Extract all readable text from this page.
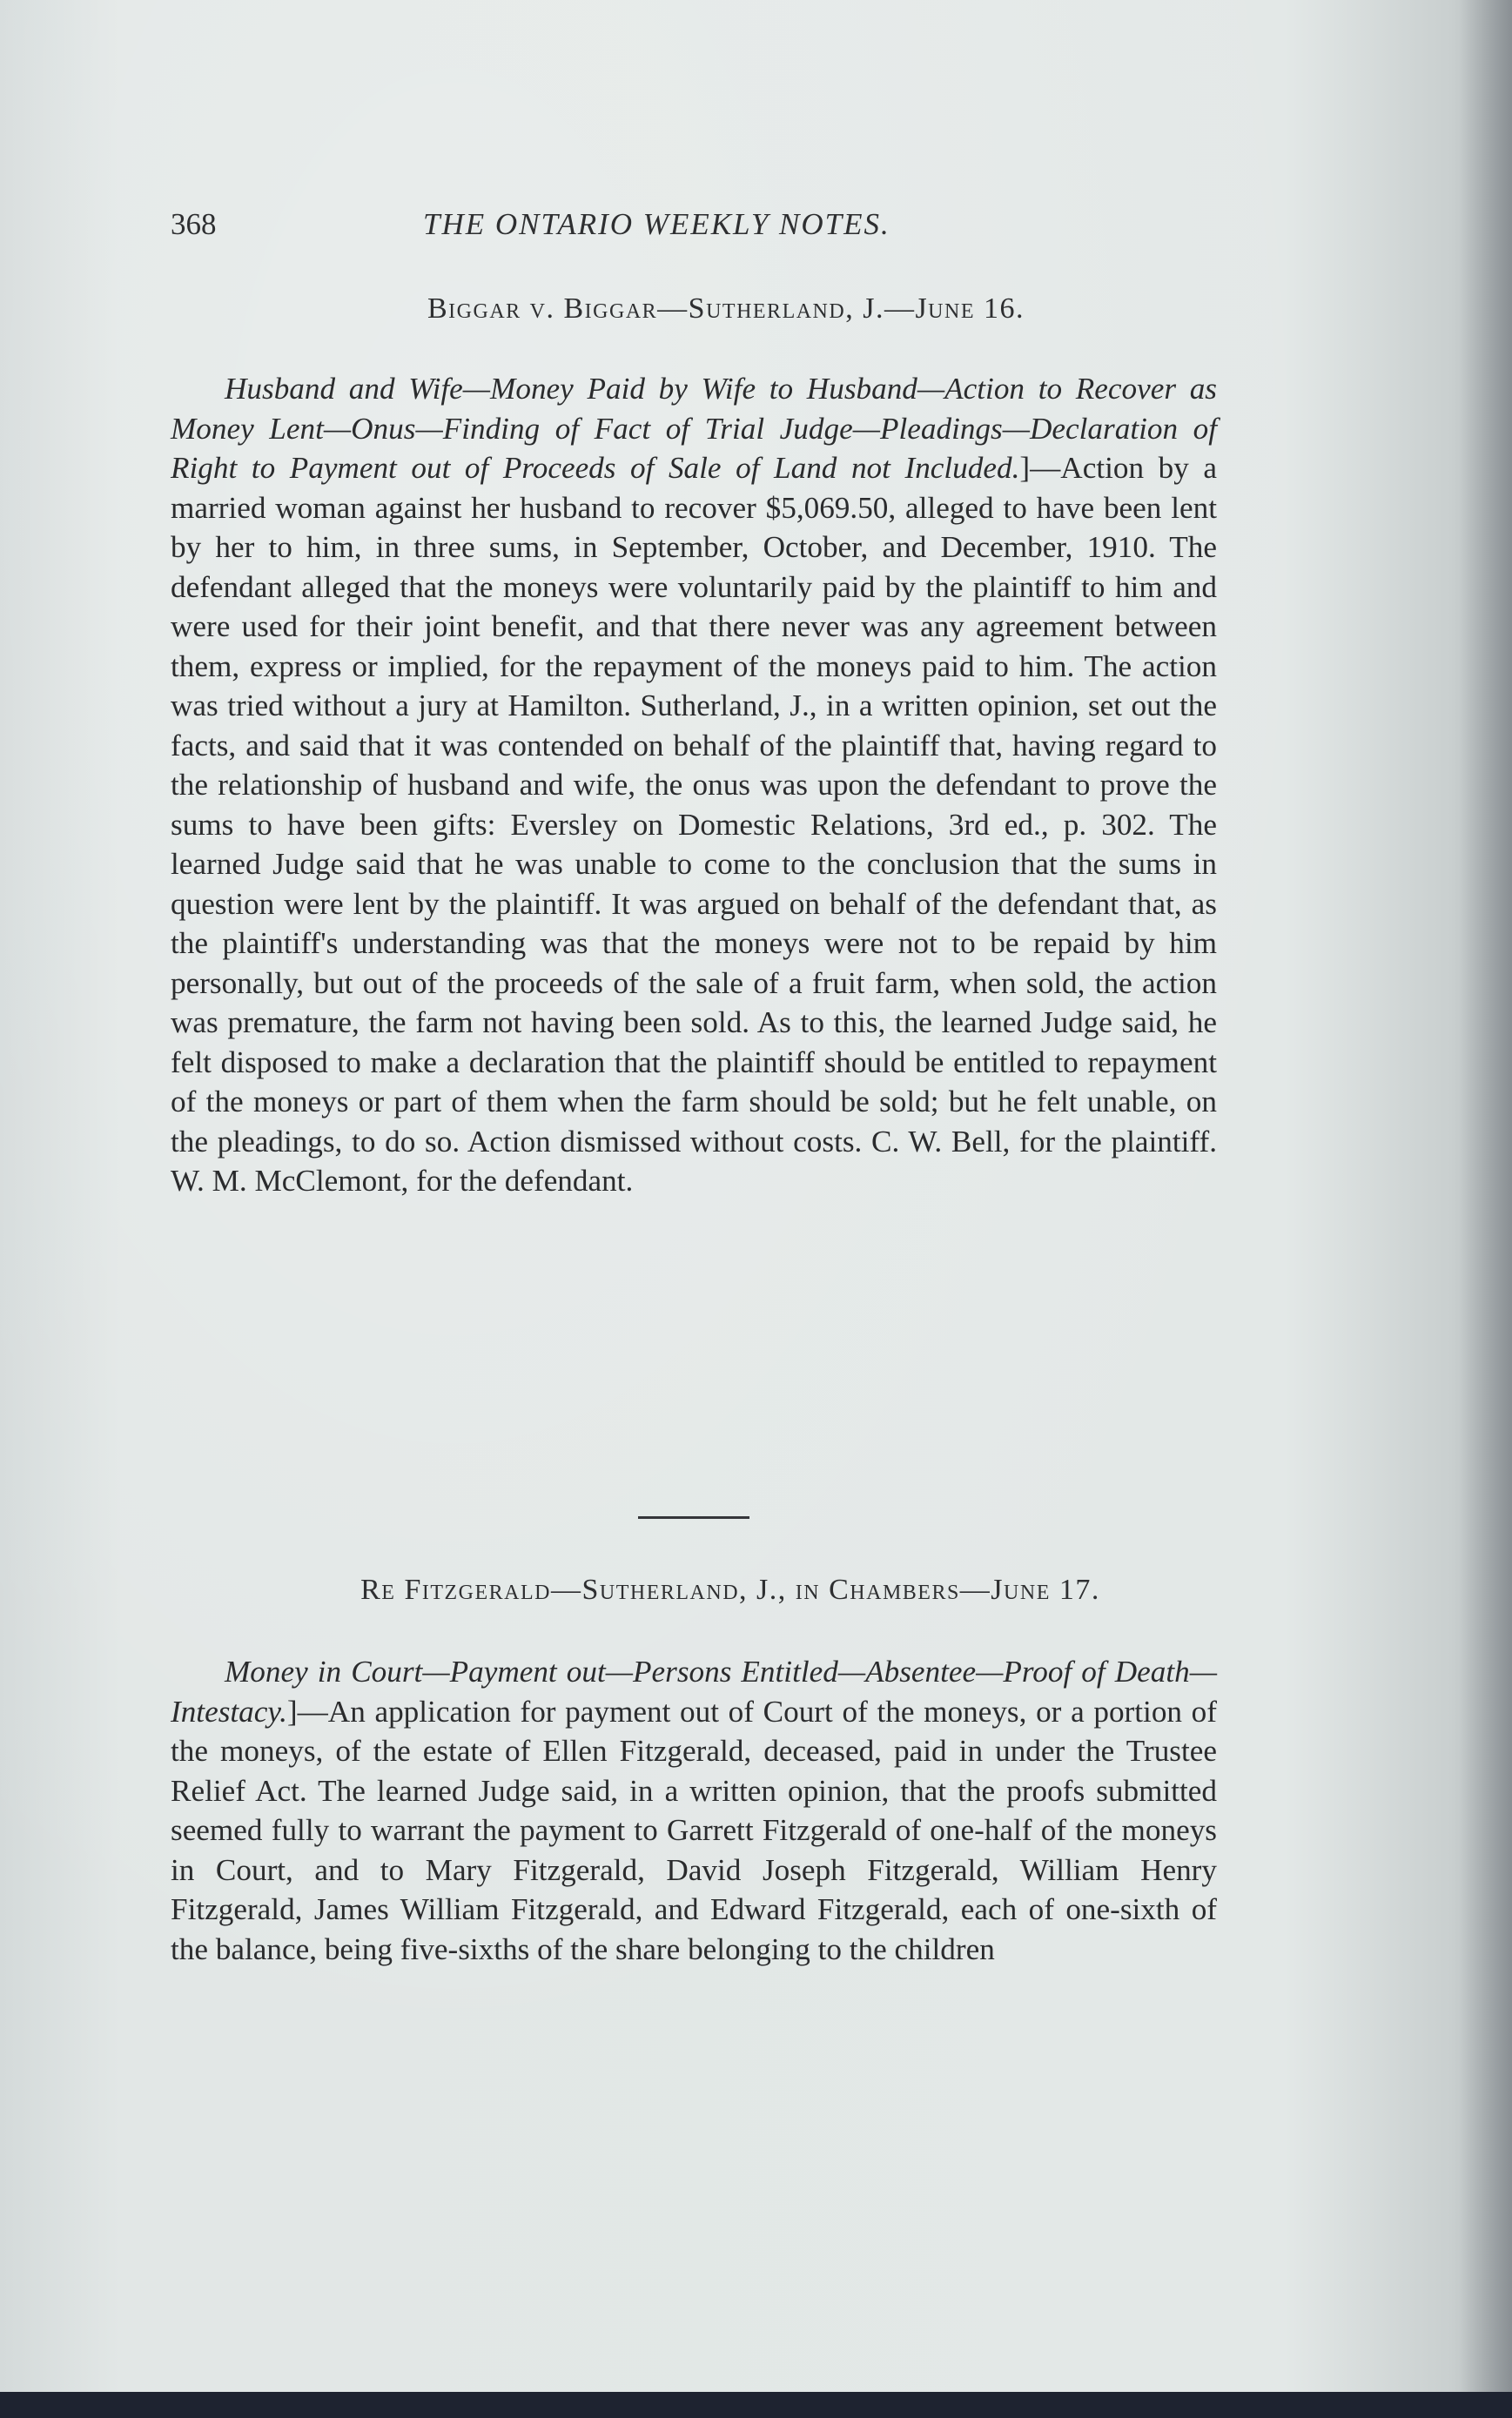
368	THE ONTARIO WEEKLY NOTES.
Biggar v. Biggar—Sutherland, J.—June 16.

Husband and Wife—Money Paid by Wife to Husband—Action to Recover as Money Lent—Onus—Finding of Fact of Trial Judge—Pleadings—Declaration of Right to Payment out of Proceeds of Sale of Land not Included.]—Action by a married woman against her husband to recover $5,069.50, alleged to have been lent by her to him, in three sums, in September, October, and December, 1910. The defendant alleged that the moneys were voluntarily paid by the plaintiff to him and were used for their joint benefit, and that there never was any agreement between them, express or implied, for the repayment of the moneys paid to him. The action was tried without a jury at Hamilton. Sutherland, J., in a written opinion, set out the facts, and said that it was contended on behalf of the plaintiff that, having regard to the relationship of husband and wife, the onus was upon the defendant to prove the sums to have been gifts: Eversley on Domestic Relations, 3rd ed., p. 302. The learned Judge said that he was unable to come to the conclusion that the sums in question were lent by the plaintiff. It was argued on behalf of the defendant that, as the plaintiff's understanding was that the moneys were not to be repaid by him personally, but out of the proceeds of the sale of a fruit farm, when sold, the action was premature, the farm not having been sold. As to this, the learned Judge said, he felt disposed to make a declaration that the plaintiff should be entitled to repayment of the moneys or part of them when the farm should be sold; but he felt unable, on the pleadings, to do so. Action dismissed without costs. C. W. Bell, for the plaintiff. W. M. McClemont, for the defendant.

Re Fitzgerald—Sutherland, J., in Chambers—June 17.

Money in Court—Payment out—Persons Entitled—Absentee—Proof of Death—Intestacy.]—An application for payment out of Court of the moneys, or a portion of the moneys, of the estate of Ellen Fitzgerald, deceased, paid in under the Trustee Relief Act. The learned Judge said, in a written opinion, that the proofs submitted seemed fully to warrant the payment to Garrett Fitzgerald of one-half of the moneys in Court, and to Mary Fitzgerald, David Joseph Fitzgerald, William Henry Fitzgerald, James William Fitzgerald, and Edward Fitzgerald, each of one-sixth of the balance, being five-sixths of the share belonging to the children
